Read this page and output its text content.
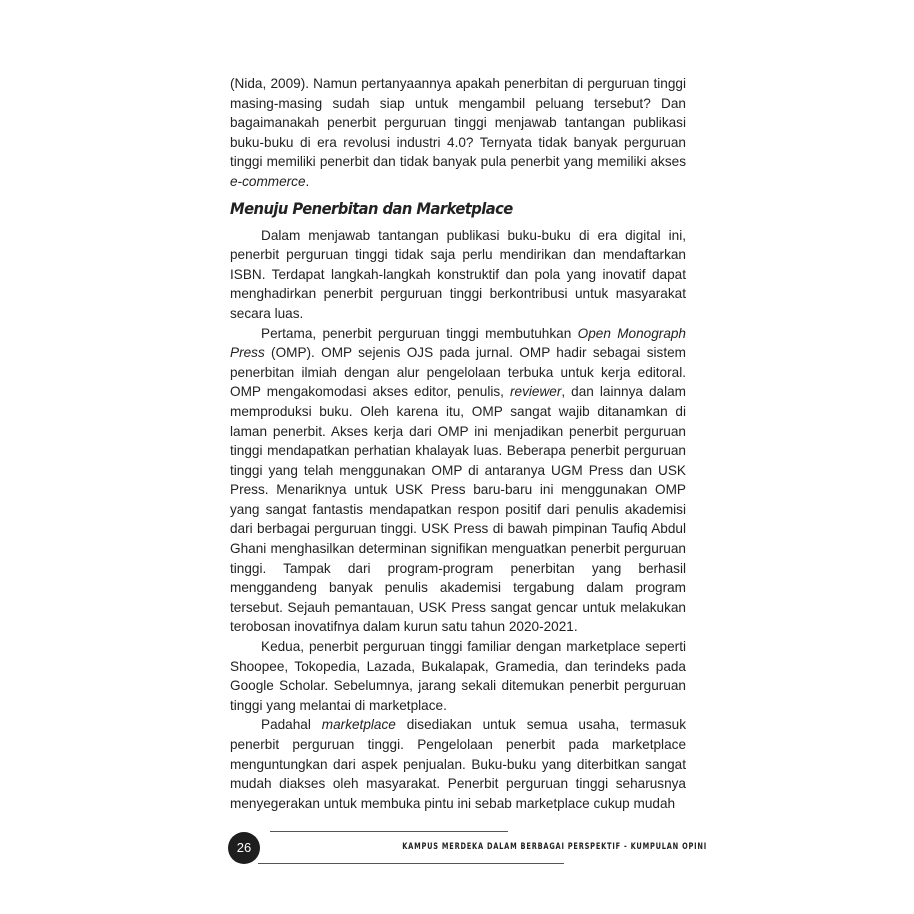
(Nida, 2009). Namun pertanyaannya apakah penerbitan di perguruan tinggi masing-masing sudah siap untuk mengambil peluang tersebut? Dan bagaimanakah penerbit perguruan tinggi menjawab tantangan publikasi buku-buku di era revolusi industri 4.0? Ternyata tidak banyak perguruan tinggi memiliki penerbit dan tidak banyak pula penerbit yang memiliki akses e-commerce.

Menuju Penerbitan dan Marketplace

Dalam menjawab tantangan publikasi buku-buku di era digital ini, penerbit perguruan tinggi tidak saja perlu mendirikan dan mendaftarkan ISBN. Terdapat langkah-langkah konstruktif dan pola yang inovatif dapat menghadirkan penerbit perguruan tinggi berkontribusi untuk masyarakat secara luas.

Pertama, penerbit perguruan tinggi membutuhkan Open Monograph Press (OMP). OMP sejenis OJS pada jurnal. OMP hadir sebagai sistem penerbitan ilmiah dengan alur pengelolaan terbuka untuk kerja editoral. OMP mengakomodasi akses editor, penulis, reviewer, dan lainnya dalam memproduksi buku. Oleh karena itu, OMP sangat wajib ditanamkan di laman penerbit. Akses kerja dari OMP ini menjadikan penerbit perguruan tinggi mendapatkan perhatian khalayak luas. Beberapa penerbit perguruan tinggi yang telah menggunakan OMP di antaranya UGM Press dan USK Press. Menariknya untuk USK Press baru-baru ini menggunakan OMP yang sangat fantastis mendapatkan respon positif dari penulis akademisi dari berbagai perguruan tinggi. USK Press di bawah pimpinan Taufiq Abdul Ghani menghasilkan determinan signifikan menguatkan penerbit perguruan tinggi. Tampak dari program-program penerbitan yang berhasil menggandeng banyak penulis akademisi tergabung dalam program tersebut. Sejauh pemantauan, USK Press sangat gencar untuk melakukan terobosan inovatifnya dalam kurun satu tahun 2020-2021.

Kedua, penerbit perguruan tinggi familiar dengan marketplace seperti Shoopee, Tokopedia, Lazada, Bukalapak, Gramedia, dan terindeks pada Google Scholar. Sebelumnya, jarang sekali ditemukan penerbit perguruan tinggi yang melantai di marketplace.

Padahal marketplace disediakan untuk semua usaha, termasuk penerbit perguruan tinggi. Pengelolaan penerbit pada marketplace menguntungkan dari aspek penjualan. Buku-buku yang diterbitkan sangat mudah diakses oleh masyarakat. Penerbit perguruan tinggi seharusnya menyegerakan untuk membuka pintu ini sebab marketplace cukup mudah

26	KAMPUS MERDEKA DALAM BERBAGAI PERSPEKTIF - KUMPULAN OPINI
